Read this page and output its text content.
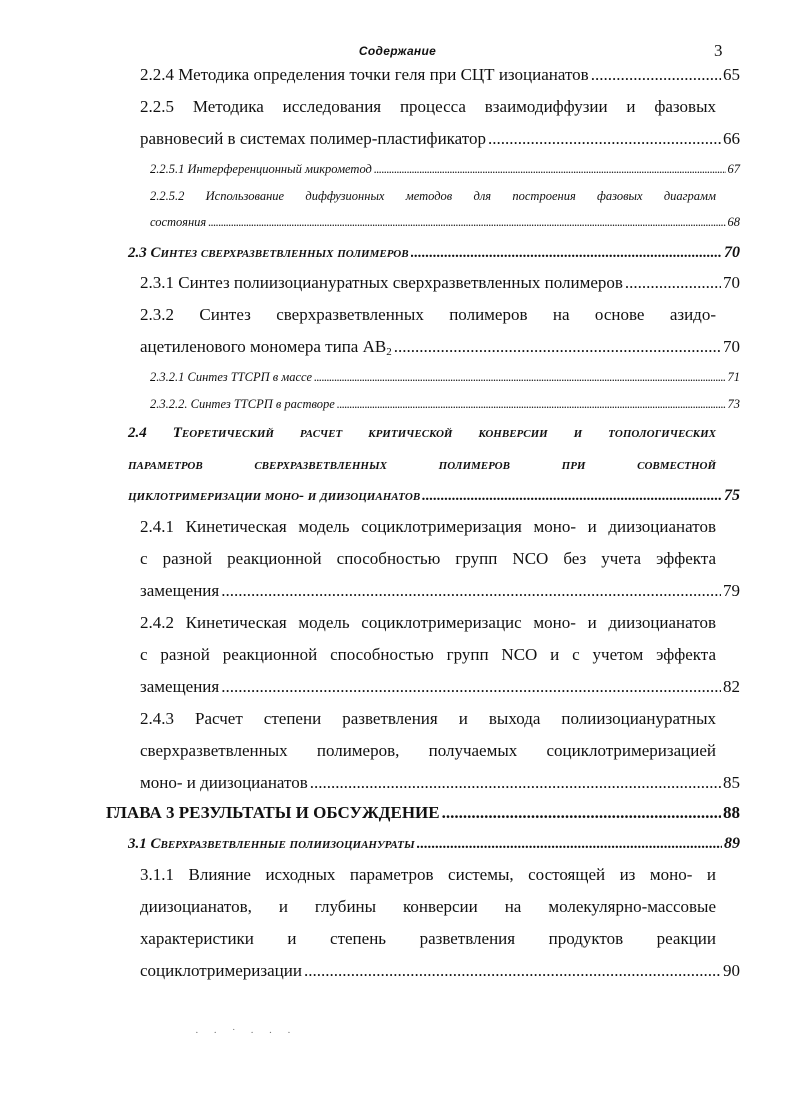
Содержание	3
2.2.4 Методика определения точки геля при СЦТ изоцианатов .....	65
2.2.5 Методика исследования процесса взаимодиффузии и фазовых
равновесий в системах полимер-пластификатор .....	66
2.2.5.1 Интерференционный микрометод .....	67
2.2.5.2 Использование диффузионных методов для построения фазовых диаграмм
состояния .....	68
2.3 Синтез сверхразветвленных полимеров .....	70
2.3.1 Синтез полиизоциануратных сверхразветвленных полимеров .....	70
2.3.2 Синтез сверхразветвленных полимеров на основе азидо-
ацетиленового мономера типа $АВ_2$ .....	70
2.3.2.1 Синтез ТТСРП в массе .....	71
2.3.2.2. Синтез ТТСРП в растворе .....	73
2.4 Теоретический расчет критической конверсии и топологических
параметров сверхразветвленных полимеров при совместной
циклотримеризации моно- и диизоцианатов .....	75
2.4.1 Кинетическая модель социклотримеризация моно- и диизоцианатов
с разной реакционной способностью групп NCO без учета эффекта
замещения .....	79
2.4.2 Кинетическая модель социклотримеризацис моно- и диизоцианатов
с разной реакционной способностью групп NCO и с учетом эффекта
замещения .....	82
2.4.3 Расчет степени разветвления и выхода полиизоциануратных
сверхразветвленных полимеров, получаемых социклотримеризацией
моно- и диизоцианатов .....	85
ГЛАВА 3 РЕЗУЛЬТАТЫ И ОБСУЖДЕНИЕ .....	88
3.1 Сверхразветвленные полиизоцианураты .....	89
3.1.1 Влияние исходных параметров системы, состоящей из моно- и
диизоцианатов, и глубины конверсии на молекулярно-массовые
характеристики и степень разветвления продуктов реакции
социклотримеризации .....	90
· · ˙ · · ·
